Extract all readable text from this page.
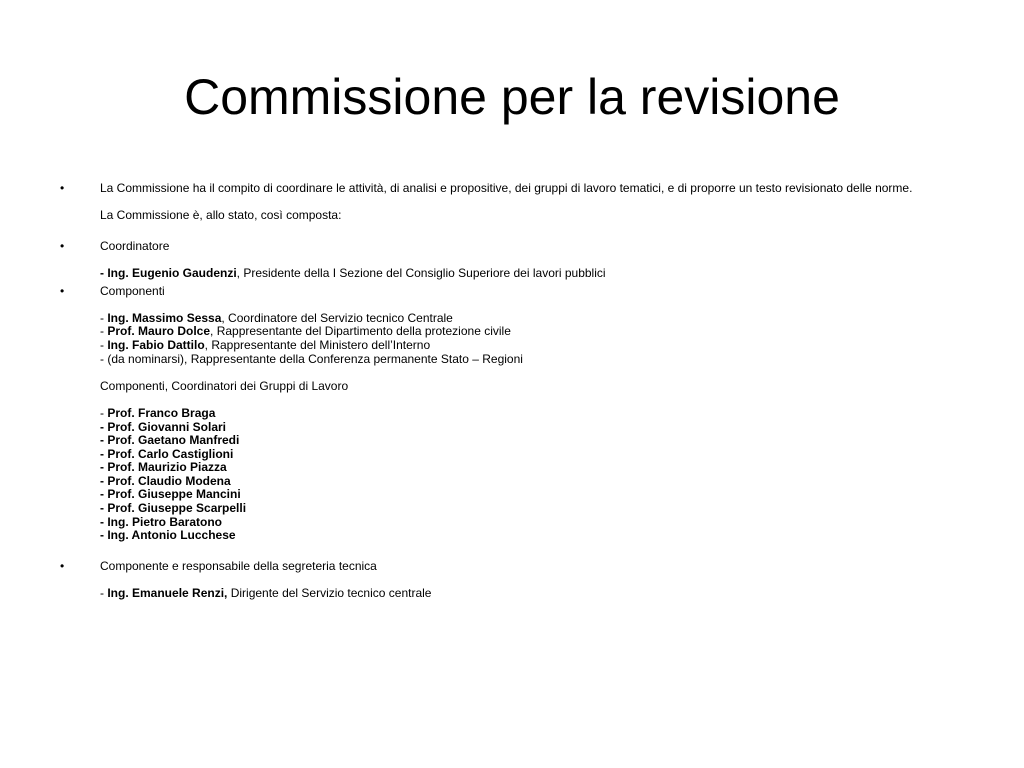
Commissione per la revisione
•	La Commissione ha il compito di coordinare le attività, di analisi e propositive, dei gruppi di lavoro tematici, e di proporre un testo revisionato delle norme.
La Commissione è, allo stato, così composta:
•	Coordinatore
- Ing. Eugenio Gaudenzi, Presidente della I Sezione del Consiglio Superiore dei lavori pubblici
•	Componenti
- Ing. Massimo Sessa, Coordinatore del Servizio tecnico Centrale
- Prof. Mauro Dolce, Rappresentante del Dipartimento della protezione civile
- Ing. Fabio Dattilo, Rappresentante del Ministero dell’Interno
- (da nominarsi), Rappresentante della Conferenza permanente Stato – Regioni
Componenti, Coordinatori dei Gruppi di Lavoro
- Prof. Franco Braga
- Prof. Giovanni Solari
- Prof. Gaetano Manfredi
- Prof. Carlo Castiglioni
- Prof. Maurizio Piazza
- Prof. Claudio Modena
- Prof. Giuseppe Mancini
- Prof. Giuseppe Scarpelli
- Ing. Pietro Baratono
- Ing. Antonio Lucchese
•	Componente e responsabile della segreteria tecnica
- Ing. Emanuele Renzi, Dirigente del Servizio tecnico centrale
